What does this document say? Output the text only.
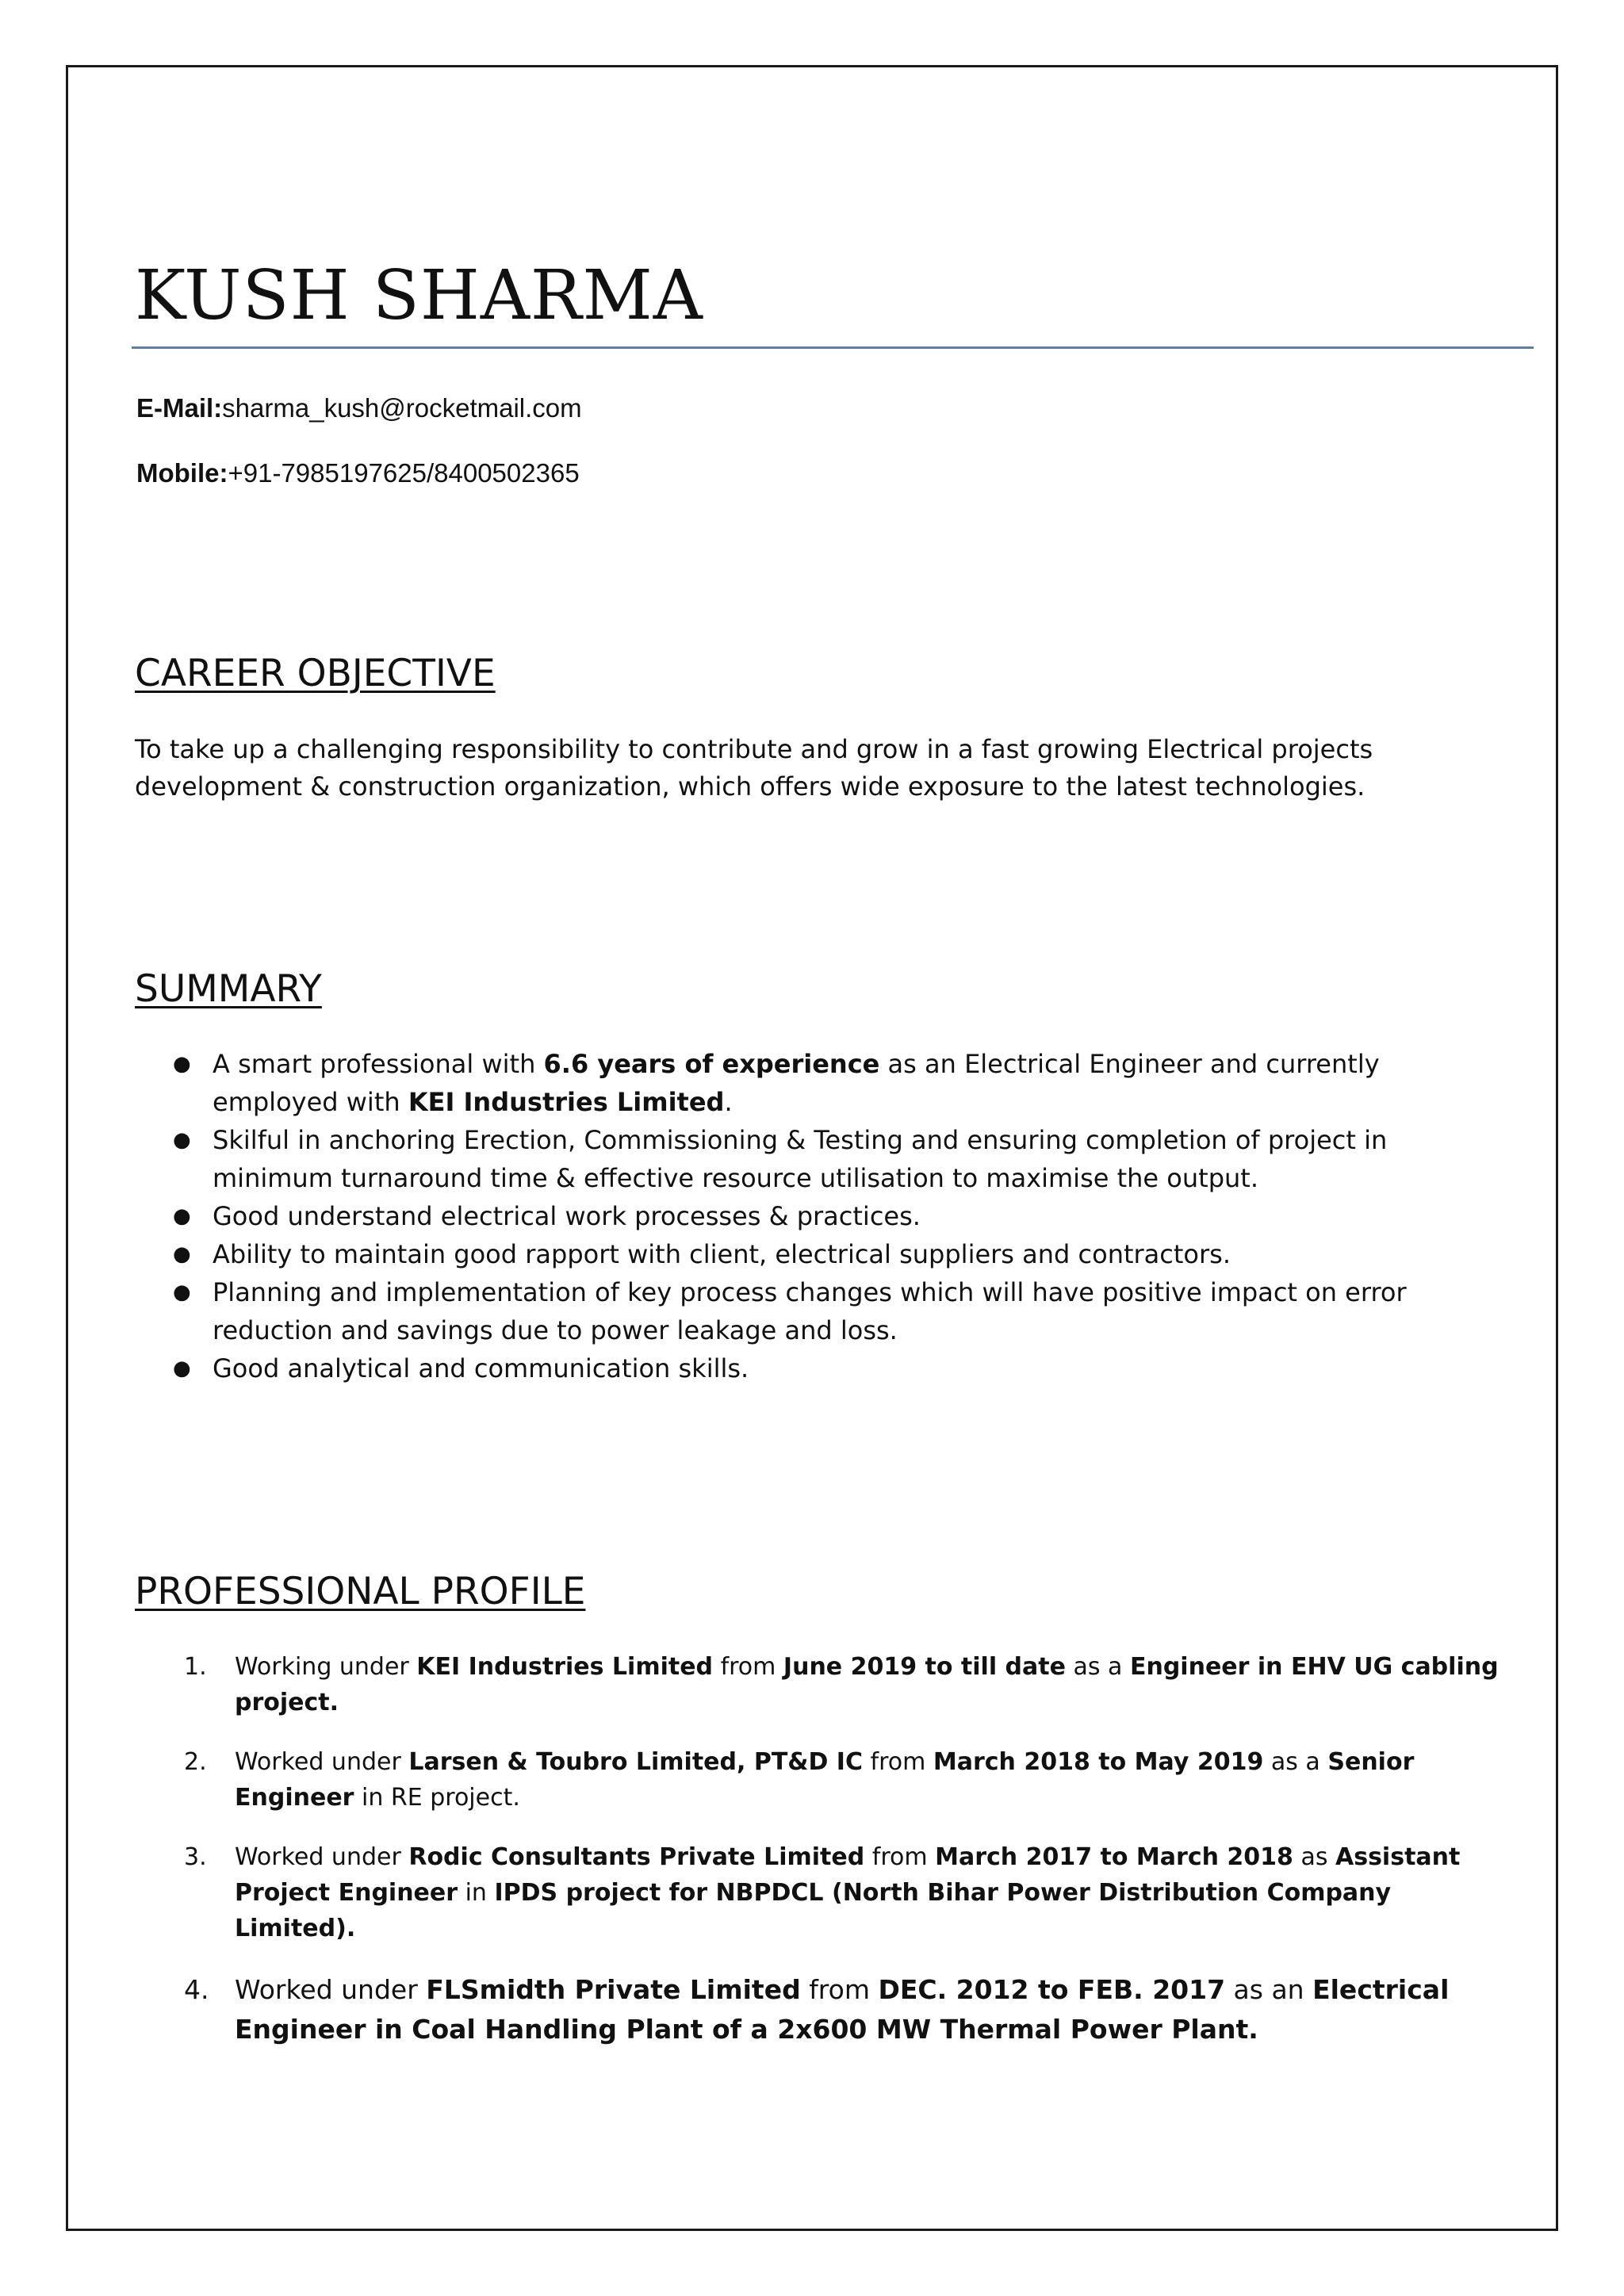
KUSH SHARMA
E-Mail:sharma_kush@rocketmail.com
Mobile:+91-7985197625/8400502365
CAREER OBJECTIVE
To take up a challenging responsibility to contribute and grow in a fast growing Electrical projects development & construction organization, which offers wide exposure to the latest technologies.
SUMMARY
● A smart professional with 6.6 years of experience as an Electrical Engineer and currently employed with KEI Industries Limited.
● Skilful in anchoring Erection, Commissioning & Testing and ensuring completion of project in minimum turnaround time & effective resource utilisation to maximise the output.
● Good understand electrical work processes & practices.
● Ability to maintain good rapport with client, electrical suppliers and contractors.
● Planning and implementation of key process changes which will have positive impact on error reduction and savings due to power leakage and loss.
● Good analytical and communication skills.
PROFESSIONAL PROFILE
1. Working under KEI Industries Limited from June 2019 to till date as a Engineer in EHV UG cabling project.
2. Worked under Larsen & Toubro Limited, PT&D IC from March 2018 to May 2019 as a Senior Engineer in RE project.
3. Worked under Rodic Consultants Private Limited from March 2017 to March 2018 as Assistant Project Engineer in IPDS project for NBPDCL (North Bihar Power Distribution Company Limited).
4. Worked under FLSmidth Private Limited from DEC. 2012 to FEB. 2017 as an Electrical Engineer in Coal Handling Plant of a 2x600 MW Thermal Power Plant.
